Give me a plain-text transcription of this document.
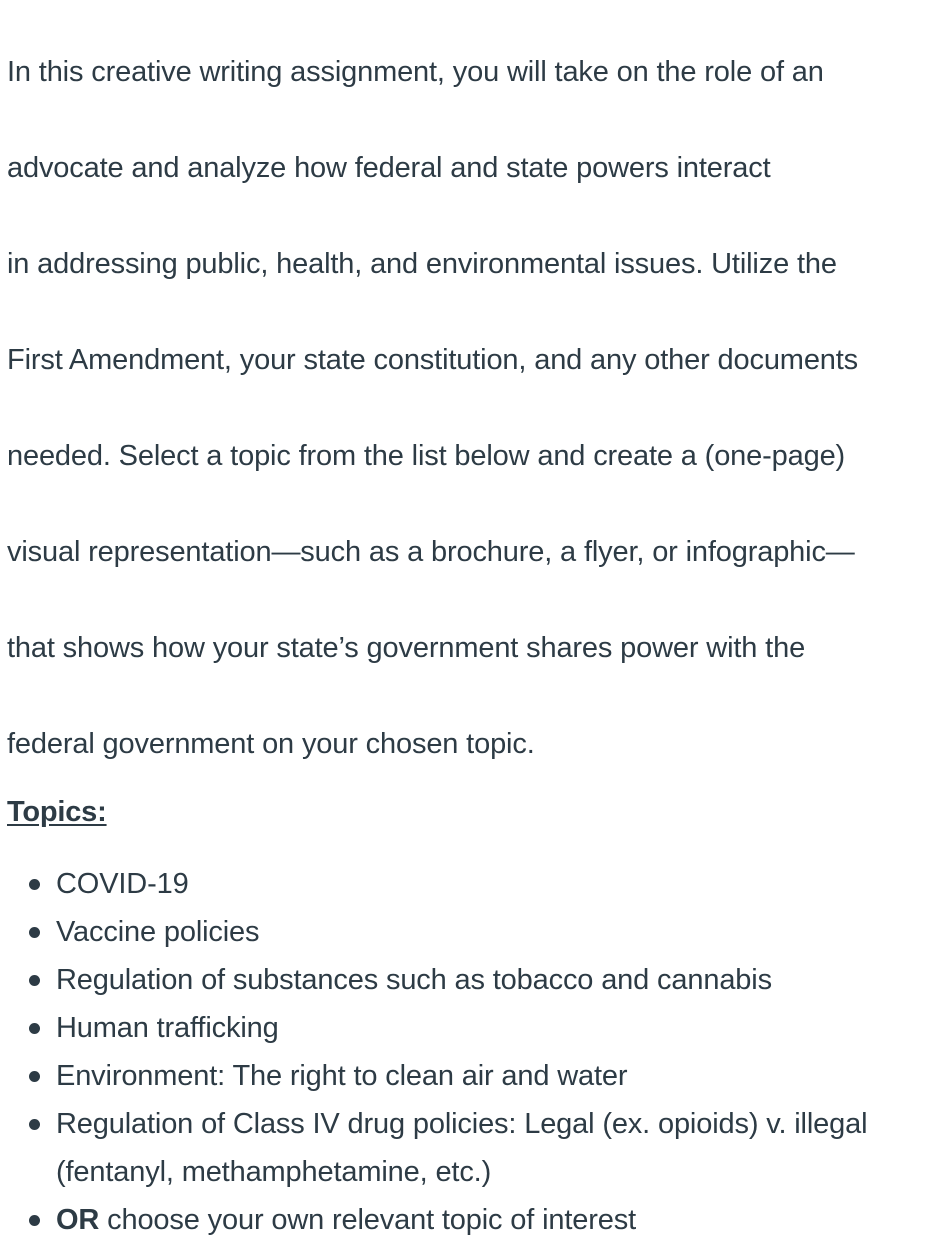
In this creative writing assignment, you will take on the role of an

advocate and analyze how federal and state powers interact

in addressing public, health, and environmental issues. Utilize the

First Amendment, your state constitution, and any other documents

needed. Select a topic from the list below and create a (one-page)

visual representation—such as a brochure, a flyer, or infographic—

that shows how your state’s government shares power with the

federal government on your chosen topic.

Topics:
COVID-19
Vaccine policies
Regulation of substances such as tobacco and cannabis
Human trafficking
Environment: The right to clean air and water
Regulation of Class IV drug policies: Legal (ex. opioids) v. illegal (fentanyl, methamphetamine, etc.)
OR choose your own relevant topic of interest
